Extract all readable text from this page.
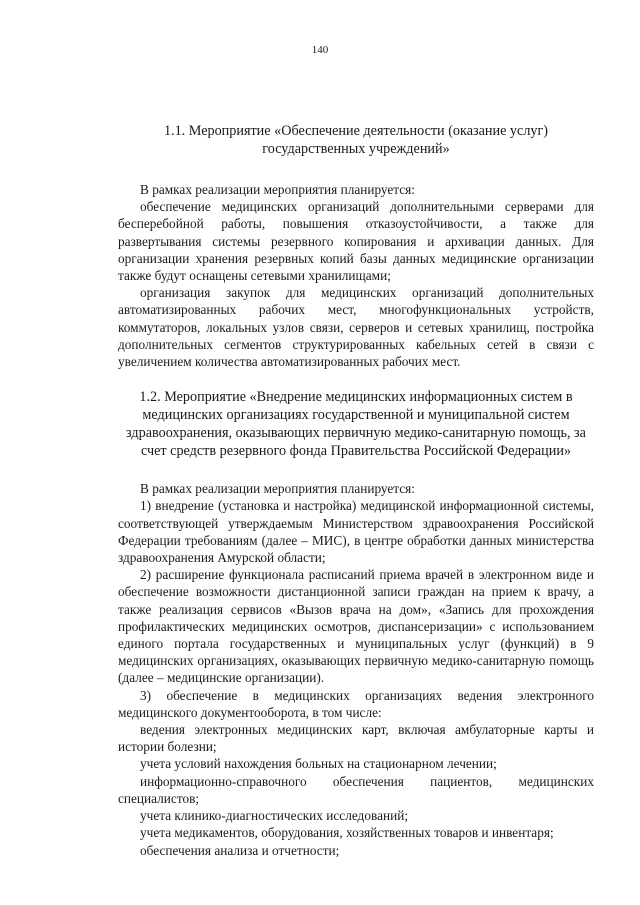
140
1.1. Мероприятие «Обеспечение деятельности (оказание услуг) государственных учреждений»

В рамках реализации мероприятия планируется:

обеспечение медицинских организаций дополнительными серверами для бесперебойной работы, повышения отказоустойчивости, а также для развертывания системы резервного копирования и архивации данных. Для организации хранения резервных копий базы данных медицинские организации также будут оснащены сетевыми хранилищами;

организация закупок для медицинских организаций дополнительных автоматизированных рабочих мест, многофункциональных устройств, коммутаторов, локальных узлов связи, серверов и сетевых хранилищ, постройка дополнительных сегментов структурированных кабельных сетей в связи с увеличением количества автоматизированных рабочих мест.

1.2. Мероприятие «Внедрение медицинских информационных систем в медицинских организациях государственной и муниципальной систем здравоохранения, оказывающих первичную медико-санитарную помощь, за счет средств резервного фонда Правительства Российской Федерации»

В рамках реализации мероприятия планируется:

1) внедрение (установка и настройка) медицинской информационной системы, соответствующей утверждаемым Министерством здравоохранения Российской Федерации требованиям (далее – МИС), в центре обработки данных министерства здравоохранения Амурской области;

2) расширение функционала расписаний приема врачей в электронном виде и обеспечение возможности дистанционной записи граждан на прием к врачу, а также реализация сервисов «Вызов врача на дом», «Запись для прохождения профилактических медицинских осмотров, диспансеризации» с использованием единого портала государственных и муниципальных услуг (функций) в 9 медицинских организациях, оказывающих первичную медико-санитарную помощь (далее – медицинские организации).

3) обеспечение в медицинских организациях ведения электронного медицинского документооборота, в том числе:

ведения электронных медицинских карт, включая амбулаторные карты и истории болезни;

учета условий нахождения больных на стационарном лечении;

информационно-справочного обеспечения пациентов, медицинских специалистов;

учета клинико-диагностических исследований;

учета медикаментов, оборудования, хозяйственных товаров и инвентаря;

обеспечения анализа и отчетности;
